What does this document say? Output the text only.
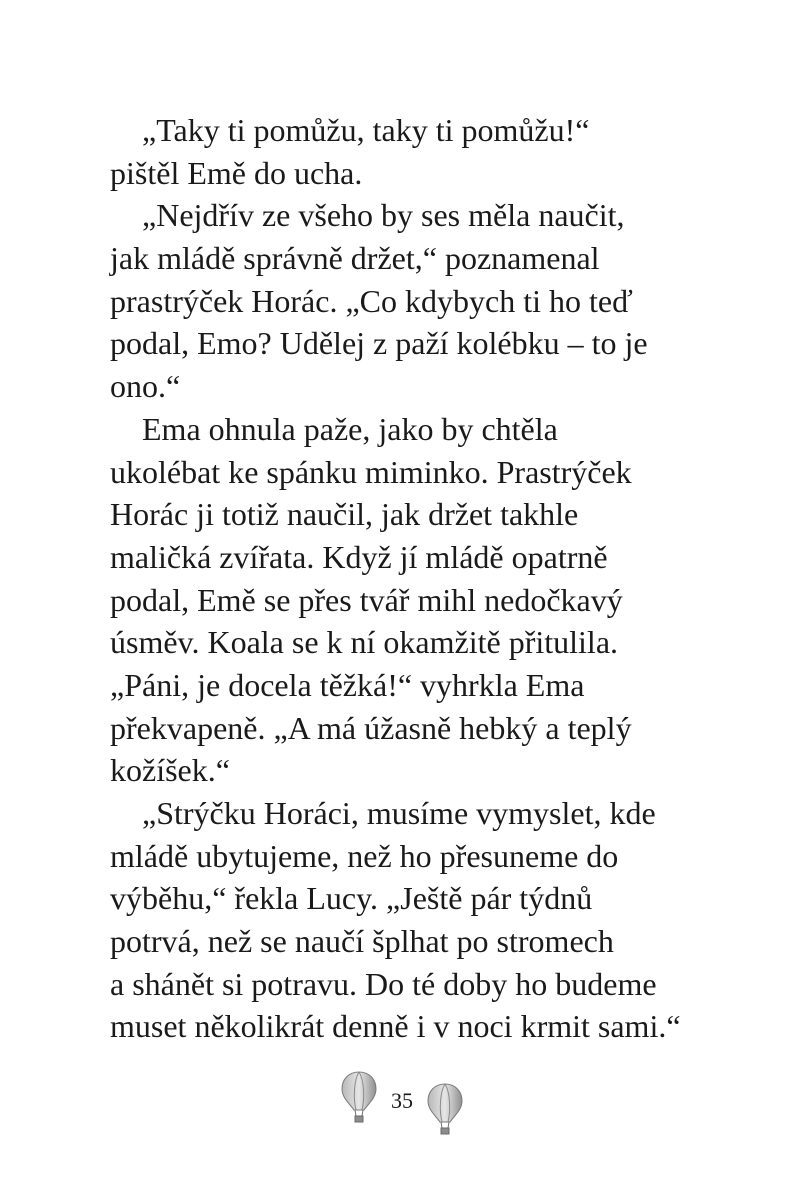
„Taky ti pomůžu, taky ti pomůžu!“
pištěl Emě do ucha.
„Nejdřív ze všeho by ses měla naučit,
jak mládě správně držet,“ poznamenal
prastrýček Horác. „Co kdybych ti ho teď
podal, Emo? Udělej z paží kolébku – to je
ono.“
Ema ohnula paže, jako by chtěla
ukolébat ke spánku miminko. Prastrýček
Horác ji totiž naučil, jak držet takhle
maličká zvířata. Když jí mládě opatrně
podal, Emě se přes tvář mihl nedočkavý
úsměv. Koala se k ní okamžitě přitulila.
„Páni, je docela těžká!“ vyhrkla Ema
překvapeně. „A má úžasně hebký a teplý
kožíšek.“
„Strýčku Horáci, musíme vymyslet, kde
mládě ubytujeme, než ho přesuneme do
výběhu,“ řekla Lucy. „Ještě pár týdnů
potrvá, než se naučí šplhat po stromech
a shánět si potravu. Do té doby ho budeme
muset několikrát denně i v noci krmit sami.“
35
